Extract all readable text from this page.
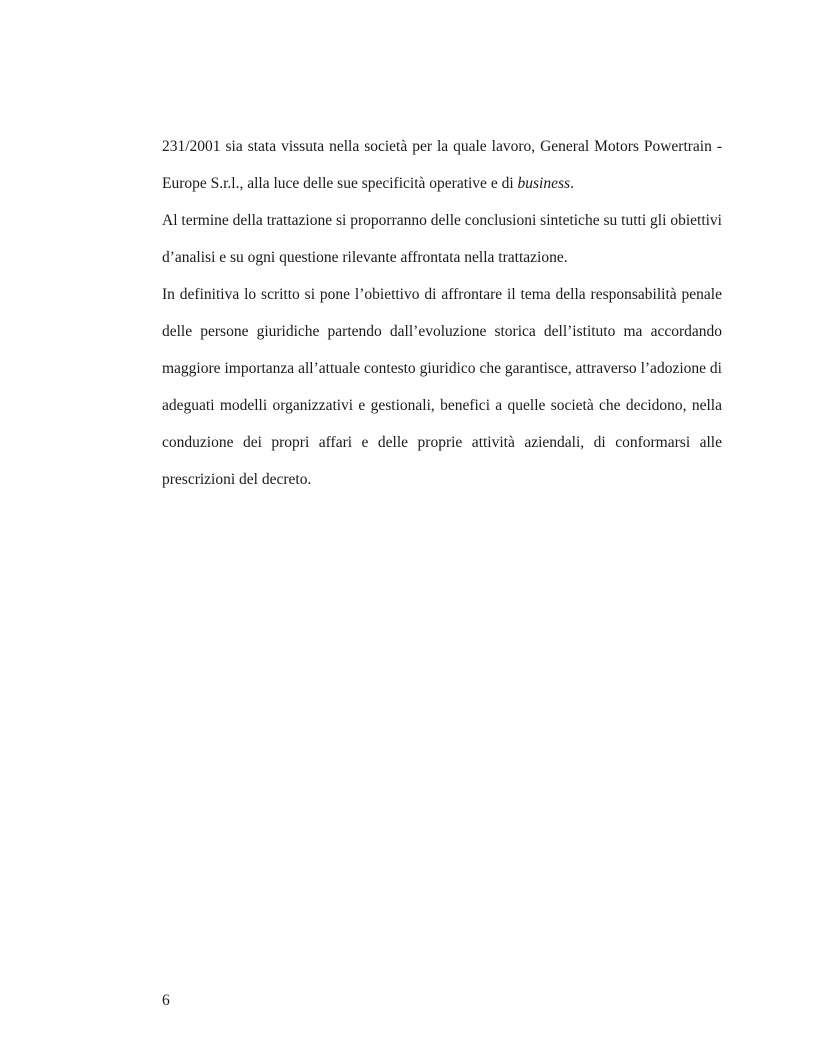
231/2001 sia stata vissuta nella società per la quale lavoro, General Motors Powertrain - Europe S.r.l., alla luce delle sue specificità operative e di business.

Al termine della trattazione si proporranno delle conclusioni sintetiche su tutti gli obiettivi d’analisi e su ogni questione rilevante affrontata nella trattazione.

In definitiva lo scritto si pone l’obiettivo di affrontare il tema della responsabilità penale delle persone giuridiche partendo dall’evoluzione storica dell’istituto ma accordando maggiore importanza all’attuale contesto giuridico che garantisce, attraverso l’adozione di adeguati modelli organizzativi e gestionali, benefici a quelle società che decidono, nella conduzione dei propri affari e delle proprie attività aziendali, di conformarsi alle prescrizioni del decreto.

6
